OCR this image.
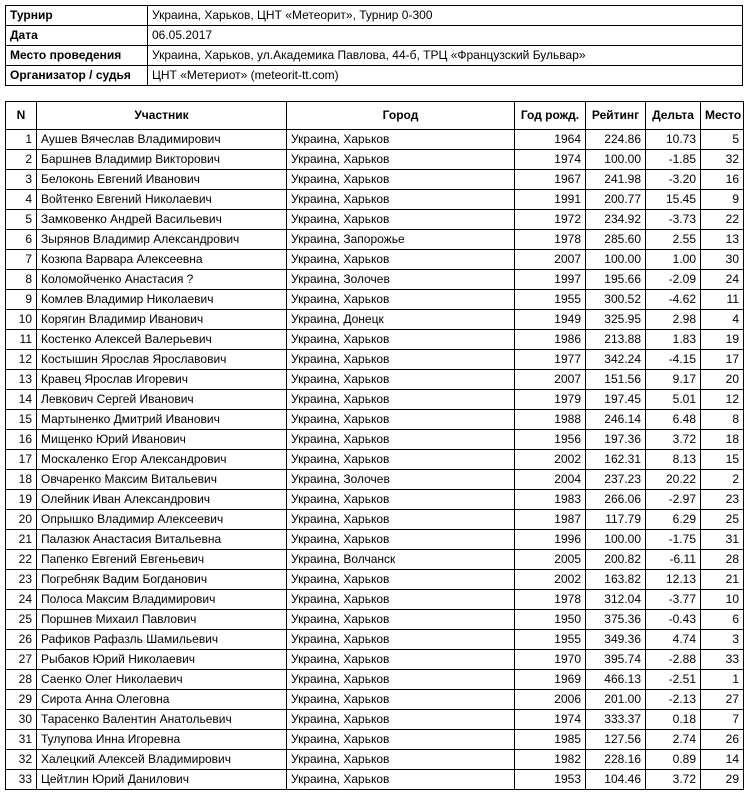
Турнир	Украина, Харьков, ЦНТ «Метеорит», Турнир 0-300
Дата	06.05.2017
Место проведения	Украина, Харьков, ул.Академика Павлова, 44-б, ТРЦ «Французский Бульвар»
Организатор / судья	ЦНТ «Метериот» (meteorit-tt.com)
N	Участник	Город	Год рожд.	Рейтинг	Дельта	Место
1	Аушев Вячеслав Владимирович	Украина, Харьков	1964	224.86	10.73	5
2	Баршнев Владимир Викторович	Украина, Харьков	1974	100.00	-1.85	32
3	Белоконь Евгений Иванович	Украина, Харьков	1967	241.98	-3.20	16
4	Войтенко Евгений Николаевич	Украина, Харьков	1991	200.77	15.45	9
5	Замковенко Андрей Васильевич	Украина, Харьков	1972	234.92	-3.73	22
6	Зырянов Владимир Александрович	Украина, Запорожье	1978	285.60	2.55	13
7	Козюпа Варвара Алексеевна	Украина, Харьков	2007	100.00	1.00	30
8	Коломойченко Анастасия ?	Украина, Золочев	1997	195.66	-2.09	24
9	Комлев Владимир Николаевич	Украина, Харьков	1955	300.52	-4.62	11
10	Корягин Владимир Иванович	Украина, Донецк	1949	325.95	2.98	4
11	Костенко Алексей Валерьевич	Украина, Харьков	1986	213.88	1.83	19
12	Костышин Ярослав Ярославович	Украина, Харьков	1977	342.24	-4.15	17
13	Кравец Ярослав Игоревич	Украина, Харьков	2007	151.56	9.17	20
14	Левкович Сергей Иванович	Украина, Харьков	1979	197.45	5.01	12
15	Мартыненко Дмитрий Иванович	Украина, Харьков	1988	246.14	6.48	8
16	Мищенко Юрий Иванович	Украина, Харьков	1956	197.36	3.72	18
17	Москаленко Егор Александрович	Украина, Харьков	2002	162.31	8.13	15
18	Овчаренко Максим Витальевич	Украина, Золочев	2004	237.23	20.22	2
19	Олейник Иван Александрович	Украина, Харьков	1983	266.06	-2.97	23
20	Опрышко Владимир Алексеевич	Украина, Харьков	1987	117.79	6.29	25
21	Палазюк Анастасия Витальевна	Украина, Харьков	1996	100.00	-1.75	31
22	Папенко Евгений Евгеньевич	Украина, Волчанск	2005	200.82	-6.11	28
23	Погребняк Вадим Богданович	Украина, Харьков	2002	163.82	12.13	21
24	Полоса Максим Владимирович	Украина, Харьков	1978	312.04	-3.77	10
25	Поршнев Михаил Павлович	Украина, Харьков	1950	375.36	-0.43	6
26	Рафиков Рафазль Шамильевич	Украина, Харьков	1955	349.36	4.74	3
27	Рыбаков Юрий Николаевич	Украина, Харьков	1970	395.74	-2.88	33
28	Саенко Олег Николаевич	Украина, Харьков	1969	466.13	-2.51	1
29	Сирота Анна Олеговна	Украина, Харьков	2006	201.00	-2.13	27
30	Тарасенко Валентин Анатольевич	Украина, Харьков	1974	333.37	0.18	7
31	Тулупова Инна Игоревна	Украина, Харьков	1985	127.56	2.74	26
32	Халецкий Алексей Владимирович	Украина, Харьков	1982	228.16	0.89	14
33	Цейтлин Юрий Данилович	Украина, Харьков	1953	104.46	3.72	29
